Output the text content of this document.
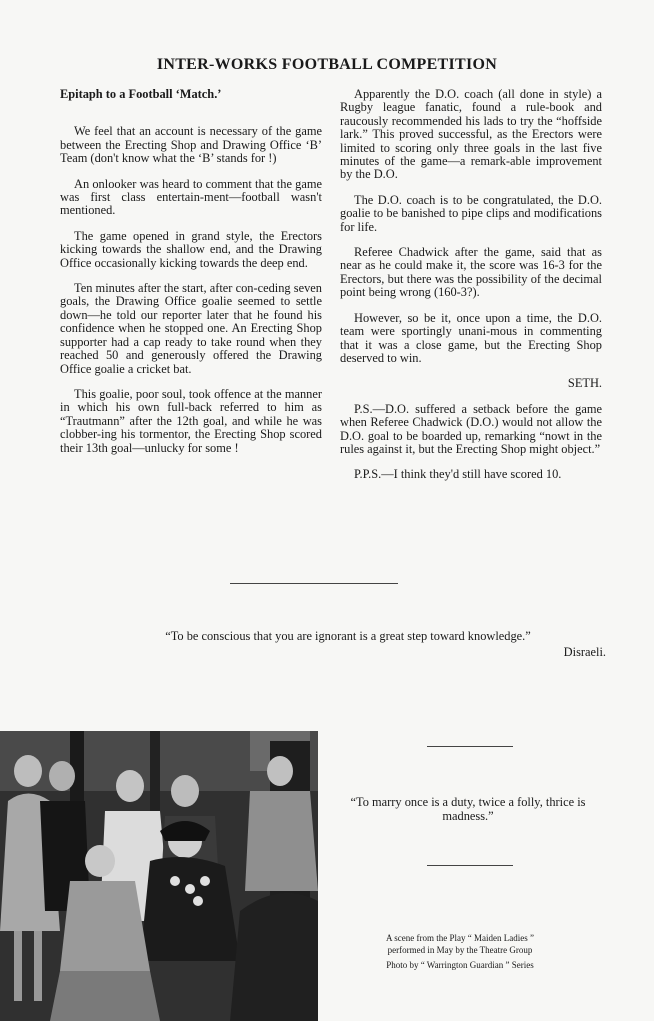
INTER-WORKS FOOTBALL COMPETITION

Epitaph to a Football ‘Match.’

We feel that an account is necessary of the game between the Erecting Shop and Drawing Office ‘B’ Team (don't know what the ‘B’ stands for !)

An onlooker was heard to comment that the game was first class entertain-ment—football wasn't mentioned.

The game opened in grand style, the Erectors kicking towards the shallow end, and the Drawing Office occasionally kicking towards the deep end.

Ten minutes after the start, after con-ceding seven goals, the Drawing Office goalie seemed to settle down—he told our reporter later that he found his confidence when he stopped one. An Erecting Shop supporter had a cap ready to take round when they reached 50 and generously offered the Drawing Office goalie a cricket bat.

This goalie, poor soul, took offence at the manner in which his own full-back referred to him as “Trautmann” after the 12th goal, and while he was clobber-ing his tormentor, the Erecting Shop scored their 13th goal—unlucky for some !

Apparently the D.O. coach (all done in style) a Rugby league fanatic, found a rule-book and raucously recommended his lads to try the “hoffside lark.” This proved successful, as the Erectors were limited to scoring only three goals in the last five minutes of the game—a remark-able improvement by the D.O.

The D.O. coach is to be congratulated, the D.O. goalie to be banished to pipe clips and modifications for life.

Referee Chadwick after the game, said that as near as he could make it, the score was 16-3 for the Erectors, but there was the possibility of the decimal point being wrong (160-3?).

However, so be it, once upon a time, the D.O. team were sportingly unani-mous in commenting that it was a close game, but the Erecting Shop deserved to win.

SETH.

P.S.—D.O. suffered a setback before the game when Referee Chadwick (D.O.) would not allow the D.O. goal to be boarded up, remarking “nowt in the rules against it, but the Erecting Shop might object.”

P.P.S.—I think they'd still have scored 10.

“To be conscious that you are ignorant is a great step toward knowledge.”
Disraeli.
“To marry once is a duty, twice a folly, thrice is madness.”
A scene from the Play “ Maiden Ladies ”
performed in May by the Theatre Group
Photo by “ Warrington Guardian ” Series
